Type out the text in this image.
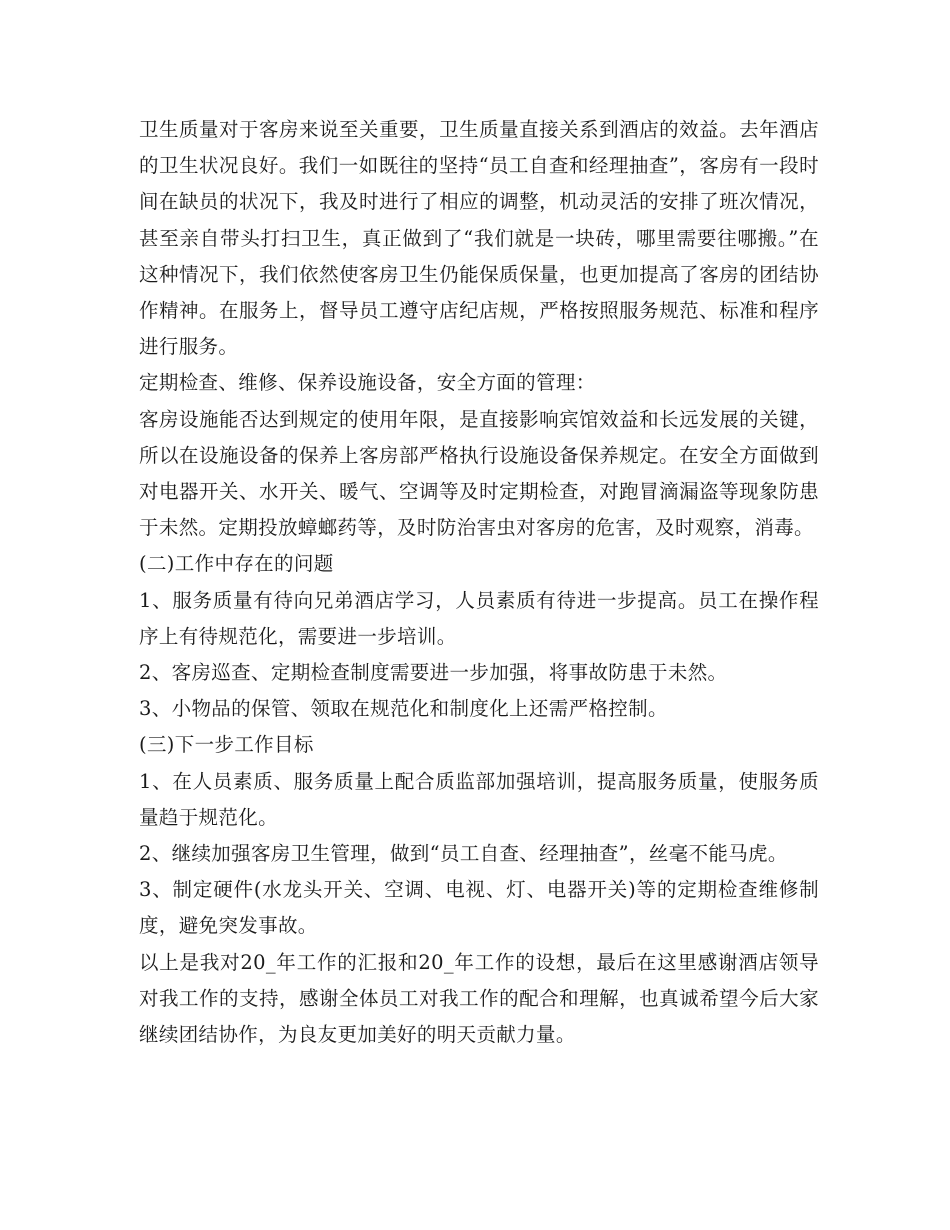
卫生质量对于客房来说至关重要，卫生质量直接关系到酒店的效益。去年酒店的卫生状况良好。我们一如既往的坚持“员工自查和经理抽查”，客房有一段时间在缺员的状况下，我及时进行了相应的调整，机动灵活的安排了班次情况，甚至亲自带头打扫卫生，真正做到了“我们就是一块砖，哪里需要往哪搬。”在这种情况下，我们依然使客房卫生仍能保质保量，也更加提高了客房的团结协作精神。在服务上，督导员工遵守店纪店规，严格按照服务规范、标准和程序进行服务。

定期检查、维修、保养设施设备，安全方面的管理：

客房设施能否达到规定的使用年限，是直接影响宾馆效益和长远发展的关键，所以在设施设备的保养上客房部严格执行设施设备保养规定。在安全方面做到对电器开关、水开关、暖气、空调等及时定期检查，对跑冒滴漏盗等现象防患于未然。定期投放蟑螂药等，及时防治害虫对客房的危害，及时观察，消毒。

(二)工作中存在的问题

1、服务质量有待向兄弟酒店学习，人员素质有待进一步提高。员工在操作程序上有待规范化，需要进一步培训。

2、客房巡查、定期检查制度需要进一步加强，将事故防患于未然。

3、小物品的保管、领取在规范化和制度化上还需严格控制。

(三)下一步工作目标

1、在人员素质、服务质量上配合质监部加强培训，提高服务质量，使服务质量趋于规范化。

2、继续加强客房卫生管理，做到“员工自查、经理抽查”，丝毫不能马虎。

3、制定硬件(水龙头开关、空调、电视、灯、电器开关)等的定期检查维修制度，避免突发事故。

以上是我对20_年工作的汇报和20_年工作的设想，最后在这里感谢酒店领导对我工作的支持，感谢全体员工对我工作的配合和理解，也真诚希望今后大家继续团结协作，为良友更加美好的明天贡献力量。
